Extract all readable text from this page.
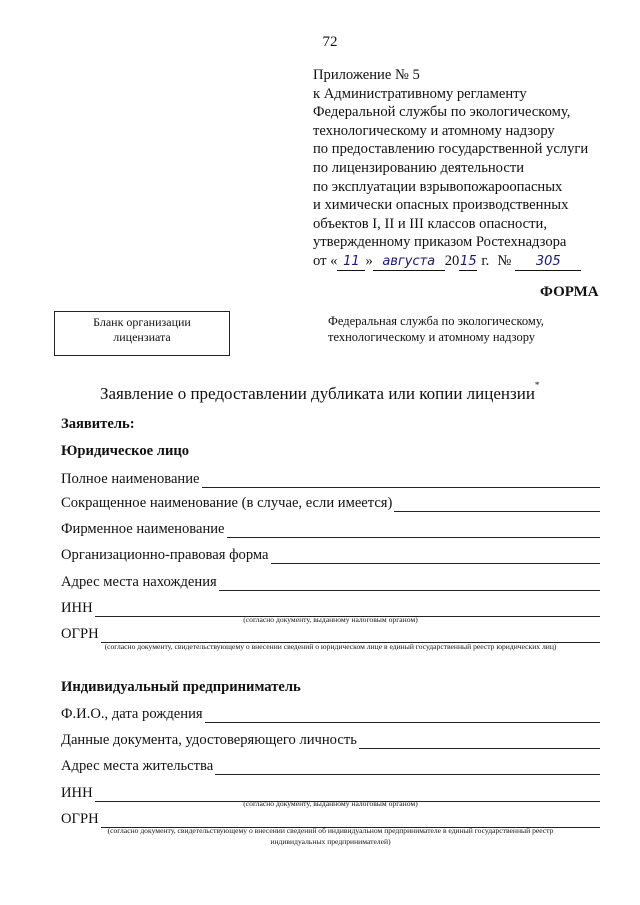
72
Приложение № 5
к Административному регламенту
Федеральной службы по экологическому,
технологическому и атомному надзору
по предоставлению государственной услуги
по лицензированию деятельности
по эксплуатации взрывопожароопасных
и химически опасных производственных
объектов I, II и III классов опасности,
утвержденному приказом Ростехнадзора
от « 11 » августа 20 15 г. №	305
ФОРМА
Бланк организации
лицензиата
Федеральная служба по экологическому,
технологическому и атомному надзору
Заявление о предоставлении дубликата или копии лицензии*
Заявитель:
Юридическое лицо
Полное наименование
Сокращенное наименование (в случае, если имеется)
Фирменное наименование
Организационно-правовая форма
Адрес места нахождения
ИНН
(согласно документу, выданному налоговым органом)
ОГРН
(согласно документу, свидетельствующему о внесении сведений о юридическом лице в единый государственный реестр юридических лиц)
Индивидуальный предприниматель
Ф.И.О., дата рождения
Данные документа, удостоверяющего личность
Адрес места жительства
ИНН
(согласно документу, выданному налоговым органом)
ОГРН
(согласно документу, свидетельствующему о внесении сведений об индивидуальном предпринимателе в единый государственный реестр
индивидуальных предпринимателей)
